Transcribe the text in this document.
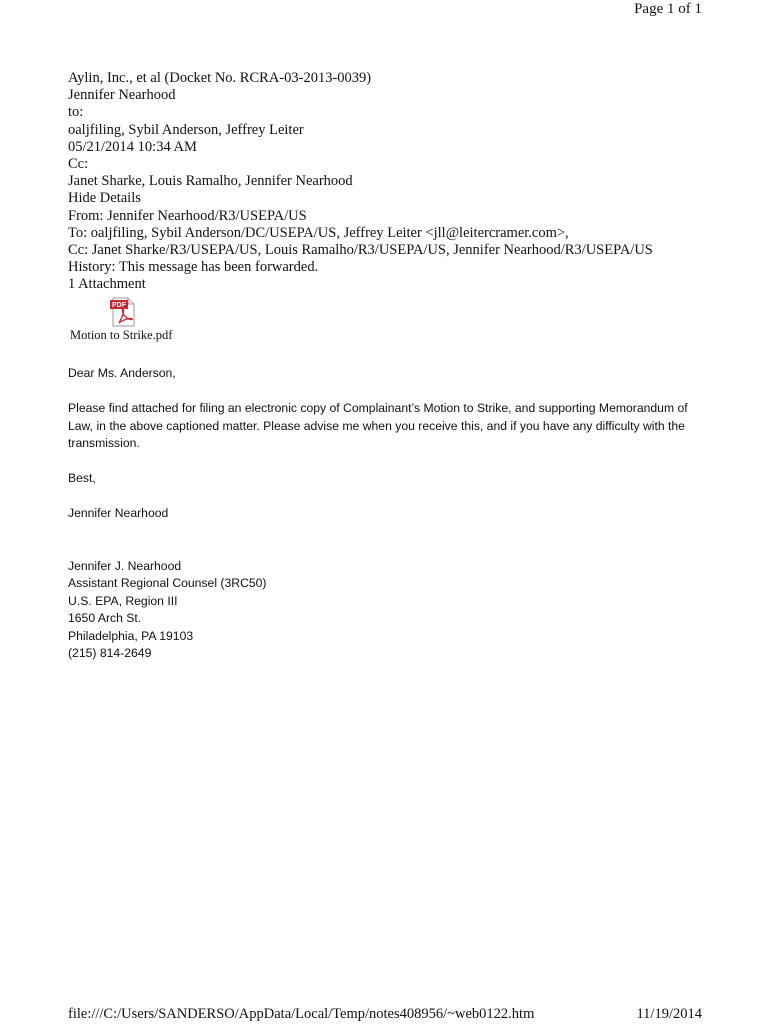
Page 1 of 1
Aylin, Inc., et al (Docket No. RCRA-03-2013-0039)
Jennifer Nearhood
to:
oaljfiling, Sybil Anderson, Jeffrey Leiter
05/21/2014 10:34 AM
Cc:
Janet Sharke, Louis Ramalho, Jennifer Nearhood
Hide Details
From: Jennifer Nearhood/R3/USEPA/US
To: oaljfiling, Sybil Anderson/DC/USEPA/US, Jeffrey Leiter <jll@leitercramer.com>,
Cc: Janet Sharke/R3/USEPA/US, Louis Ramalho/R3/USEPA/US, Jennifer Nearhood/R3/USEPA/US
History: This message has been forwarded.
1 Attachment
PDF
Motion to Strike.pdf

Dear Ms. Anderson,

Please find attached for filing an electronic copy of Complainant’s Motion to Strike, and supporting Memorandum of Law, in the above captioned matter. Please advise me when you receive this, and if you have any difficulty with the transmission.

Best,

Jennifer Nearhood

Jennifer J. Nearhood

Assistant Regional Counsel (3RC50)

U.S. EPA, Region III

1650 Arch St.

Philadelphia, PA 19103

(215) 814-2649

file:///C:/Users/SANDERSO/AppData/Local/Temp/notes408956/~web0122.htm	11/19/2014
